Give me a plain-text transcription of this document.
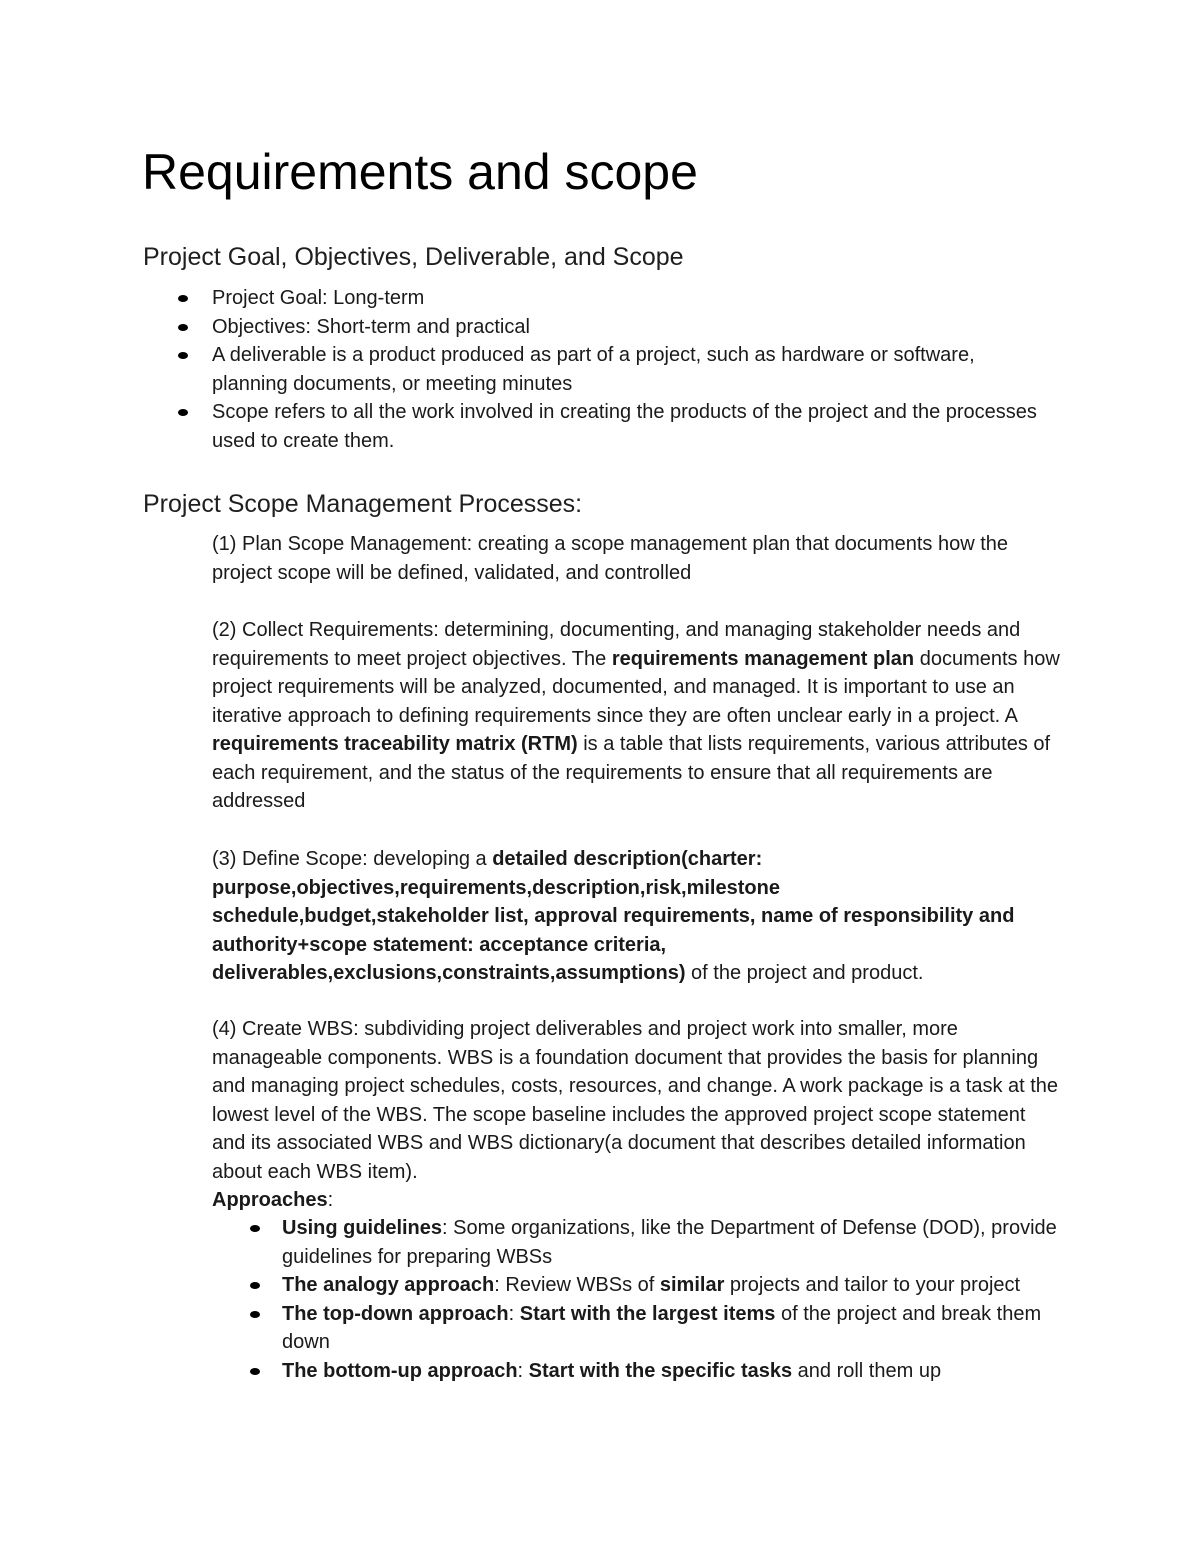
Requirements and scope
Project Goal, Objectives, Deliverable, and Scope
Project Goal: Long-term
Objectives: Short-term and practical
A deliverable is a product produced as part of a project, such as hardware or software, planning documents, or meeting minutes
Scope refers to all the work involved in creating the products of the project and the processes used to create them.
Project Scope Management Processes:

(1) Plan Scope Management: creating a scope management plan that documents how the project scope will be defined, validated, and controlled

(2) Collect Requirements: determining, documenting, and managing stakeholder needs and requirements to meet project objectives. The requirements management plan documents how project requirements will be analyzed, documented, and managed. It is important to use an iterative approach to defining requirements since they are often unclear early in a project. A requirements traceability matrix (RTM) is a table that lists requirements, various attributes of each requirement, and the status of the requirements to ensure that all requirements are addressed

(3) Define Scope: developing a detailed description(charter: purpose,objectives,requirements,description,risk,milestone schedule,budget,stakeholder list, approval requirements, name of responsibility and authority+scope statement: acceptance criteria, deliverables,exclusions,constraints,assumptions) of the project and product.

(4) Create WBS: subdividing project deliverables and project work into smaller, more manageable components. WBS is a foundation document that provides the basis for planning and managing project schedules, costs, resources, and change. A work package is a task at the lowest level of the WBS. The scope baseline includes the approved project scope statement and its associated WBS and WBS dictionary(a document that describes detailed information about each WBS item).

Approaches:

Using guidelines: Some organizations, like the Department of Defense (DOD), provide guidelines for preparing WBSs
The analogy approach: Review WBSs of similar projects and tailor to your project
The top-down approach: Start with the largest items of the project and break them down
The bottom-up approach: Start with the specific tasks and roll them up
